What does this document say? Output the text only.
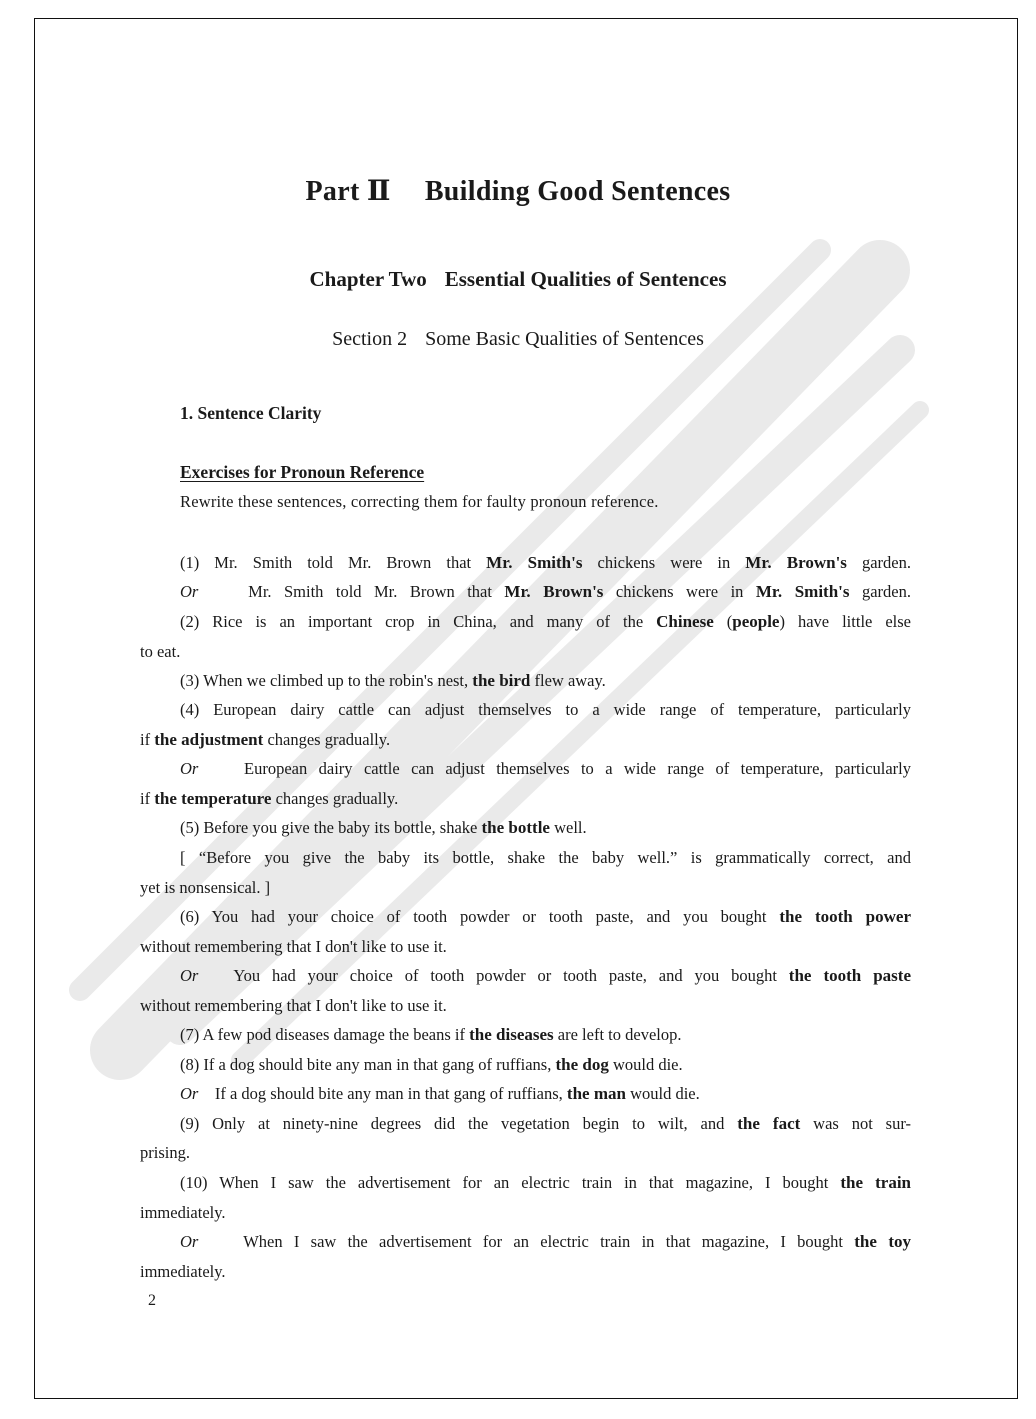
Part Ⅱ Building Good Sentences
Chapter Two Essential Qualities of Sentences
Section 2 Some Basic Qualities of Sentences
1. Sentence Clarity
Exercises for Pronoun Reference
Rewrite these sentences, correcting them for faulty pronoun reference.
(1) Mr. Smith told Mr. Brown that Mr. Smith's chickens were in Mr. Brown's garden.
Or	Mr. Smith told Mr. Brown that Mr. Brown's chickens were in Mr. Smith's garden.
(2) Rice is an important crop in China, and many of the Chinese (people) have little else
to eat.
(3) When we climbed up to the robin's nest, the bird flew away.
(4) European dairy cattle can adjust themselves to a wide range of temperature, particularly
if the adjustment changes gradually.
Or	European dairy cattle can adjust themselves to a wide range of temperature, particularly
if the temperature changes gradually.
(5) Before you give the baby its bottle, shake the bottle well.
[ “Before you give the baby its bottle, shake the baby well.” is grammatically correct, and
yet is nonsensical. ]
(6) You had your choice of tooth powder or tooth paste, and you bought the tooth power
without remembering that I don't like to use it.
Or You had your choice of tooth powder or tooth paste, and you bought the tooth paste
without remembering that I don't like to use it.
(7) A few pod diseases damage the beans if the diseases are left to develop.
(8) If a dog should bite any man in that gang of ruffians, the dog would die.
Or If a dog should bite any man in that gang of ruffians, the man would die.
(9) Only at ninety-nine degrees did the vegetation begin to wilt, and the fact was not sur-
prising.
(10) When I saw the advertisement for an electric train in that magazine, I bought the train
immediately.
Or	When I saw the advertisement for an electric train in that magazine, I bought the toy
immediately.
2
